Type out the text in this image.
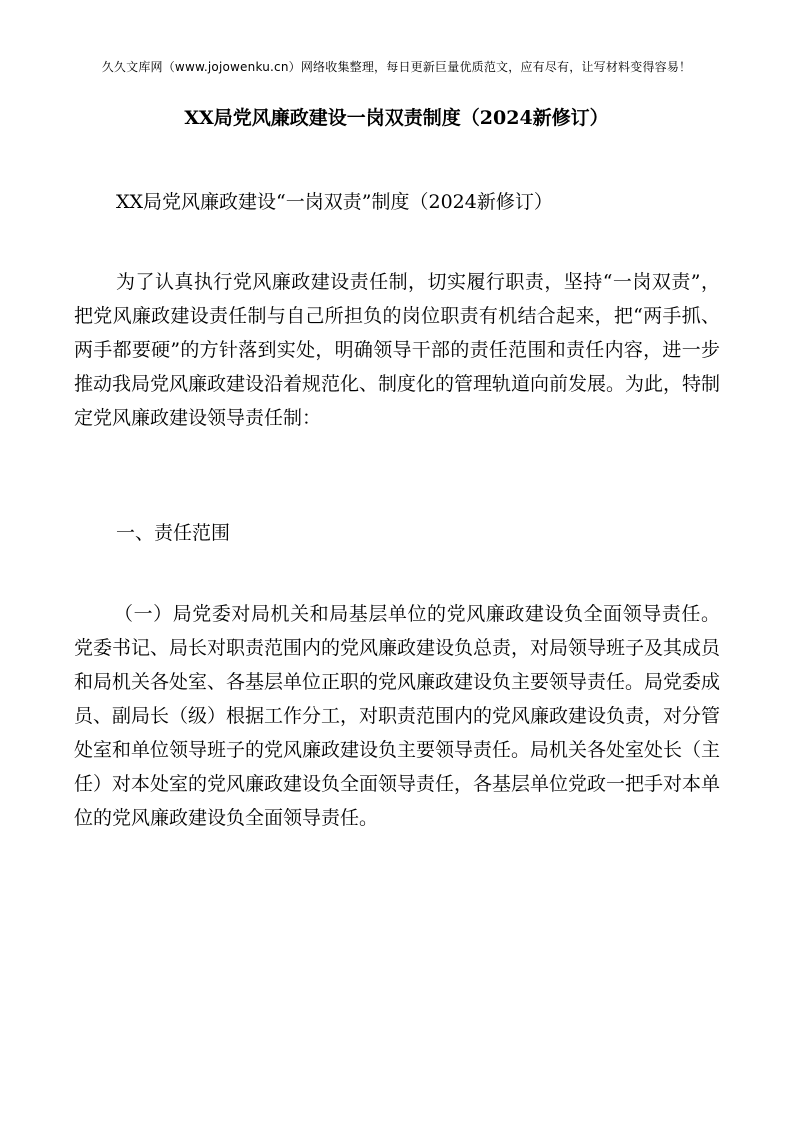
久久文库网（www.jojowenku.cn）网络收集整理，每日更新巨量优质范文，应有尽有，让写材料变得容易！
XX局党风廉政建设一岗双责制度（2024新修订）
XX局党风廉政建设“一岗双责”制度（2024新修订）

为了认真执行党风廉政建设责任制，切实履行职责，坚持“一岗双责”，把党风廉政建设责任制与自己所担负的岗位职责有机结合起来，把“两手抓、两手都要硬”的方针落到实处，明确领导干部的责任范围和责任内容，进一步推动我局党风廉政建设沿着规范化、制度化的管理轨道向前发展。为此，特制定党风廉政建设领导责任制：

一、责任范围

（一）局党委对局机关和局基层单位的党风廉政建设负全面领导责任。党委书记、局长对职责范围内的党风廉政建设负总责，对局领导班子及其成员和局机关各处室、各基层单位正职的党风廉政建设负主要领导责任。局党委成员、副局长（级）根据工作分工，对职责范围内的党风廉政建设负责，对分管处室和单位领导班子的党风廉政建设负主要领导责任。局机关各处室处长（主任）对本处室的党风廉政建设负全面领导责任，各基层单位党政一把手对本单位的党风廉政建设负全面领导责任。
